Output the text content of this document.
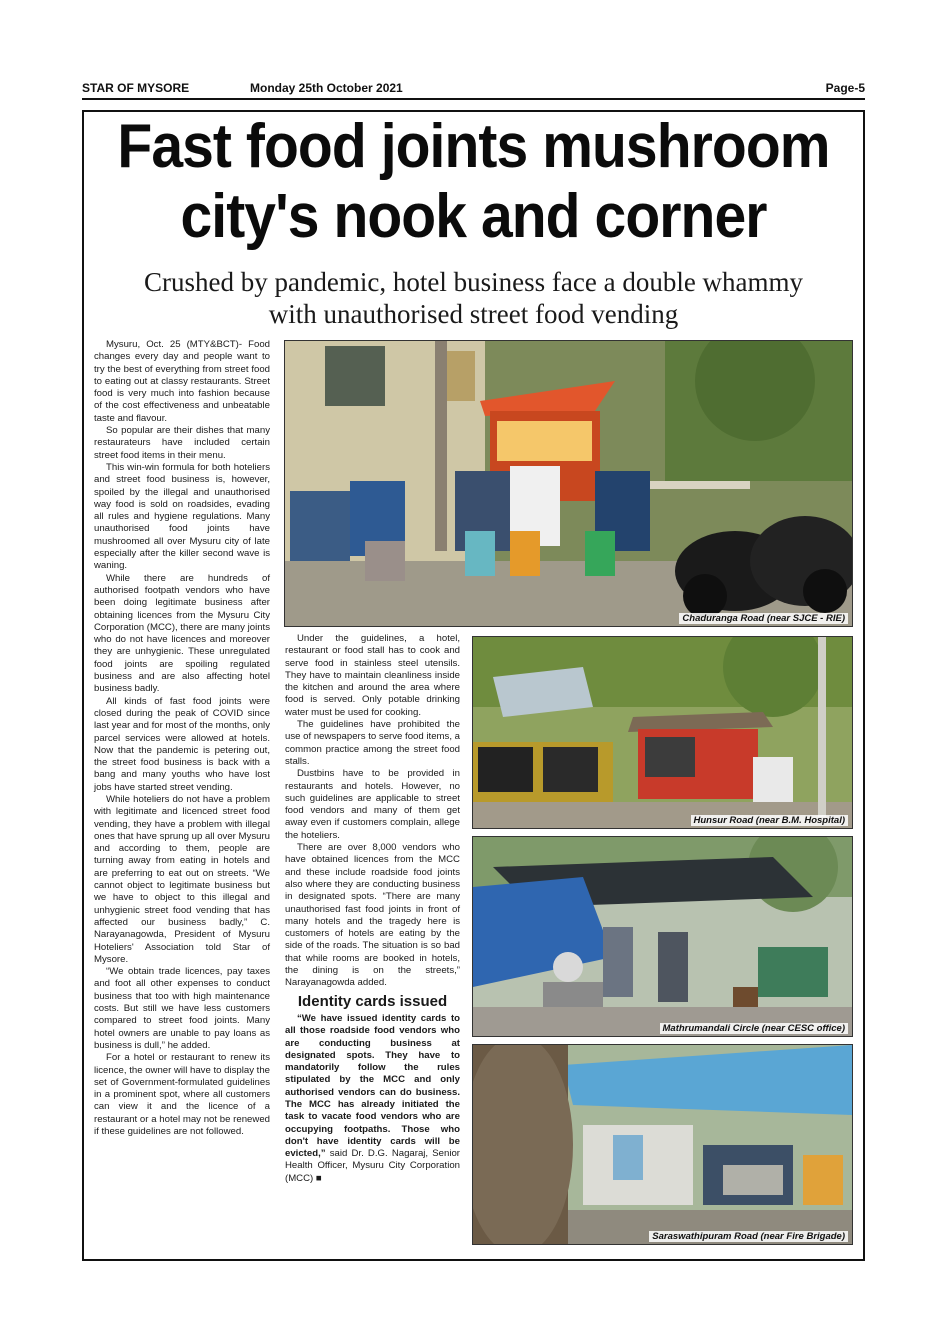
STAR OF MYSORE	Monday 25th October 2021	Page-5
Fast food joints mushroom
city's nook and corner
Crushed by pandemic, hotel business face a double whammy
with unauthorised street food vending

Mysuru, Oct. 25 (MTY&BCT)- Food changes every day and people want to try the best of everything from street food to eating out at classy restaurants. Street food is very much into fashion because of the cost effectiveness and unbeatable taste and flavour.

So popular are their dishes that many restaurateurs have included certain street food items in their menu.

This win-win formula for both hoteliers and street food business is, however, spoiled by the illegal and unauthorised way food is sold on roadsides, evading all rules and hygiene regulations. Many unauthorised food joints have mushroomed all over Mysuru city of late especially after the killer second wave is waning.

While there are hundreds of authorised footpath vendors who have been doing legitimate business after obtaining licences from the Mysuru City Corporation (MCC), there are many joints who do not have licences and moreover they are unhygienic. These unregulated food joints are spoiling regulated business and are also affecting hotel business badly.

All kinds of fast food joints were closed during the peak of COVID since last year and for most of the months, only parcel services were allowed at hotels. Now that the pandemic is petering out, the street food business is back with a bang and many youths who have lost jobs have started street vending.

While hoteliers do not have a problem with legitimate and licenced street food vending, they have a problem with illegal ones that have sprung up all over Mysuru and according to them, people are turning away from eating in hotels and are preferring to eat out on streets. “We cannot object to legitimate business but we have to object to this illegal and unhygienic street food vending that has affected our business badly,” C. Narayanagowda, President of Mysuru Hoteliers' Association told Star of Mysore.

“We obtain trade licences, pay taxes and foot all other expenses to conduct business that too with high maintenance costs. But still we have less customers compared to street food joints. Many hotel owners are unable to pay loans as business is dull,” he added.

For a hotel or restaurant to renew its licence, the owner will have to display the set of Government-formulated guidelines in a prominent spot, where all customers can view it and the licence of a restaurant or a hotel may not be renewed if these guidelines are not followed.

Under the guidelines, a hotel, restaurant or food stall has to cook and serve food in stainless steel utensils. They have to maintain cleanliness inside the kitchen and around the area where food is served. Only potable drinking water must be used for cooking.

The guidelines have prohibited the use of newspapers to serve food items, a common practice among the street food stalls.

Dustbins have to be provided in restaurants and hotels. However, no such guidelines are applicable to street food vendors and many of them get away even if customers complain, allege the hoteliers.

There are over 8,000 vendors who have obtained licences from the MCC and these include roadside food joints also where they are conducting business in designated spots. “There are many unauthorised fast food joints in front of many hotels and the tragedy here is customers of hotels are eating by the side of the roads. The situation is so bad that while rooms are booked in hotels, the dining is on the streets,” Narayanagowda added.

Identity cards issued

“We have issued identity cards to all those roadside food vendors who are conducting business at designated spots. They have to mandatorily follow the rules stipulated by the MCC and only authorised vendors can do business. The MCC has already initiated the task to vacate food vendors who are occupying footpaths. Those who don't have identity cards will be evicted,” said Dr. D.G. Nagaraj, Senior Health Officer, Mysuru City Corporation (MCC) ■

Chaduranga Road (near SJCE - RIE)
Hunsur Road (near B.M. Hospital)
Mathrumandali Circle (near CESC office)
Saraswathipuram Road (near Fire Brigade)
